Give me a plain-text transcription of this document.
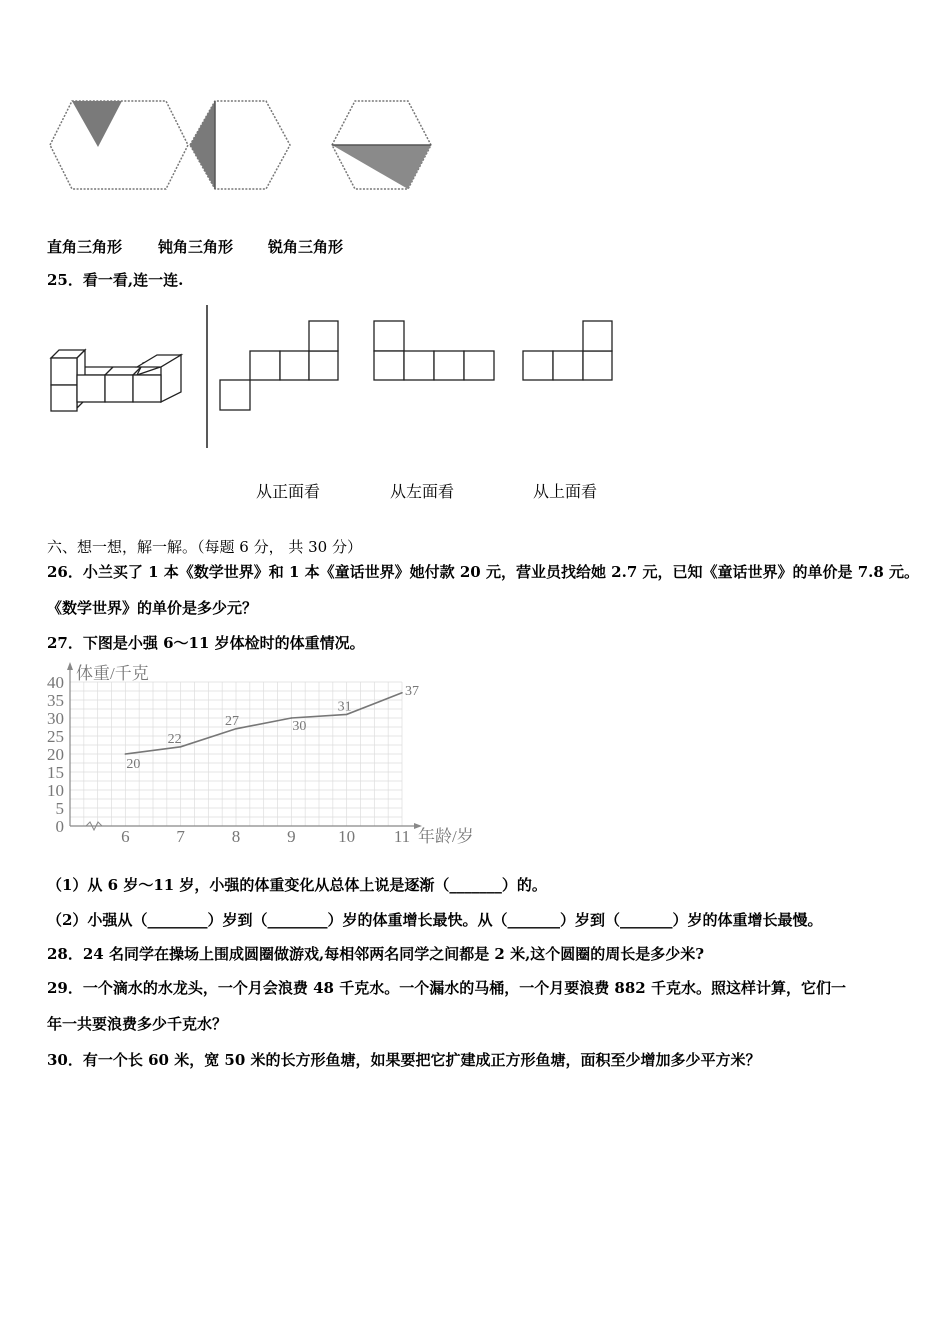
直角三角形 钝角三角形 锐角三角形
25．看一看,连一连.
从正面看	从左面看	从上面看
六、想一想，解一解。（每题 6 分， 共 30 分）
26．小兰买了 1 本《数学世界》和 1 本《童话世界》她付款 20 元，营业员找给她 2.7 元，已知《童话世界》的单价是 7.8 元。
《数学世界》的单价是多少元？
27．下图是小强 6～11 岁体检时的体重情况。
0
5
10
15
20
25
30
35
40
6	7	8	9	10 11
20
22
27	30
31
37
体重/千克
年龄/岁
（1）从 6 岁～11 岁，小强的体重变化从总体上说是逐渐（_______）的。
（2）小强从（________）岁到（________）岁的体重增长最快。从（_______）岁到（_______）岁的体重增长最慢。
28．24 名同学在操场上围成圆圈做游戏,每相邻两名同学之间都是 2 米,这个圆圈的周长是多少米?
29．一个滴水的水龙头，一个月会浪费 48 千克水。一个漏水的马桶，一个月要浪费 882 千克水。照这样计算，它们一
年一共要浪费多少千克水？
30．有一个长 60 米，宽 50 米的长方形鱼塘，如果要把它扩建成正方形鱼塘，面积至少增加多少平方米？
